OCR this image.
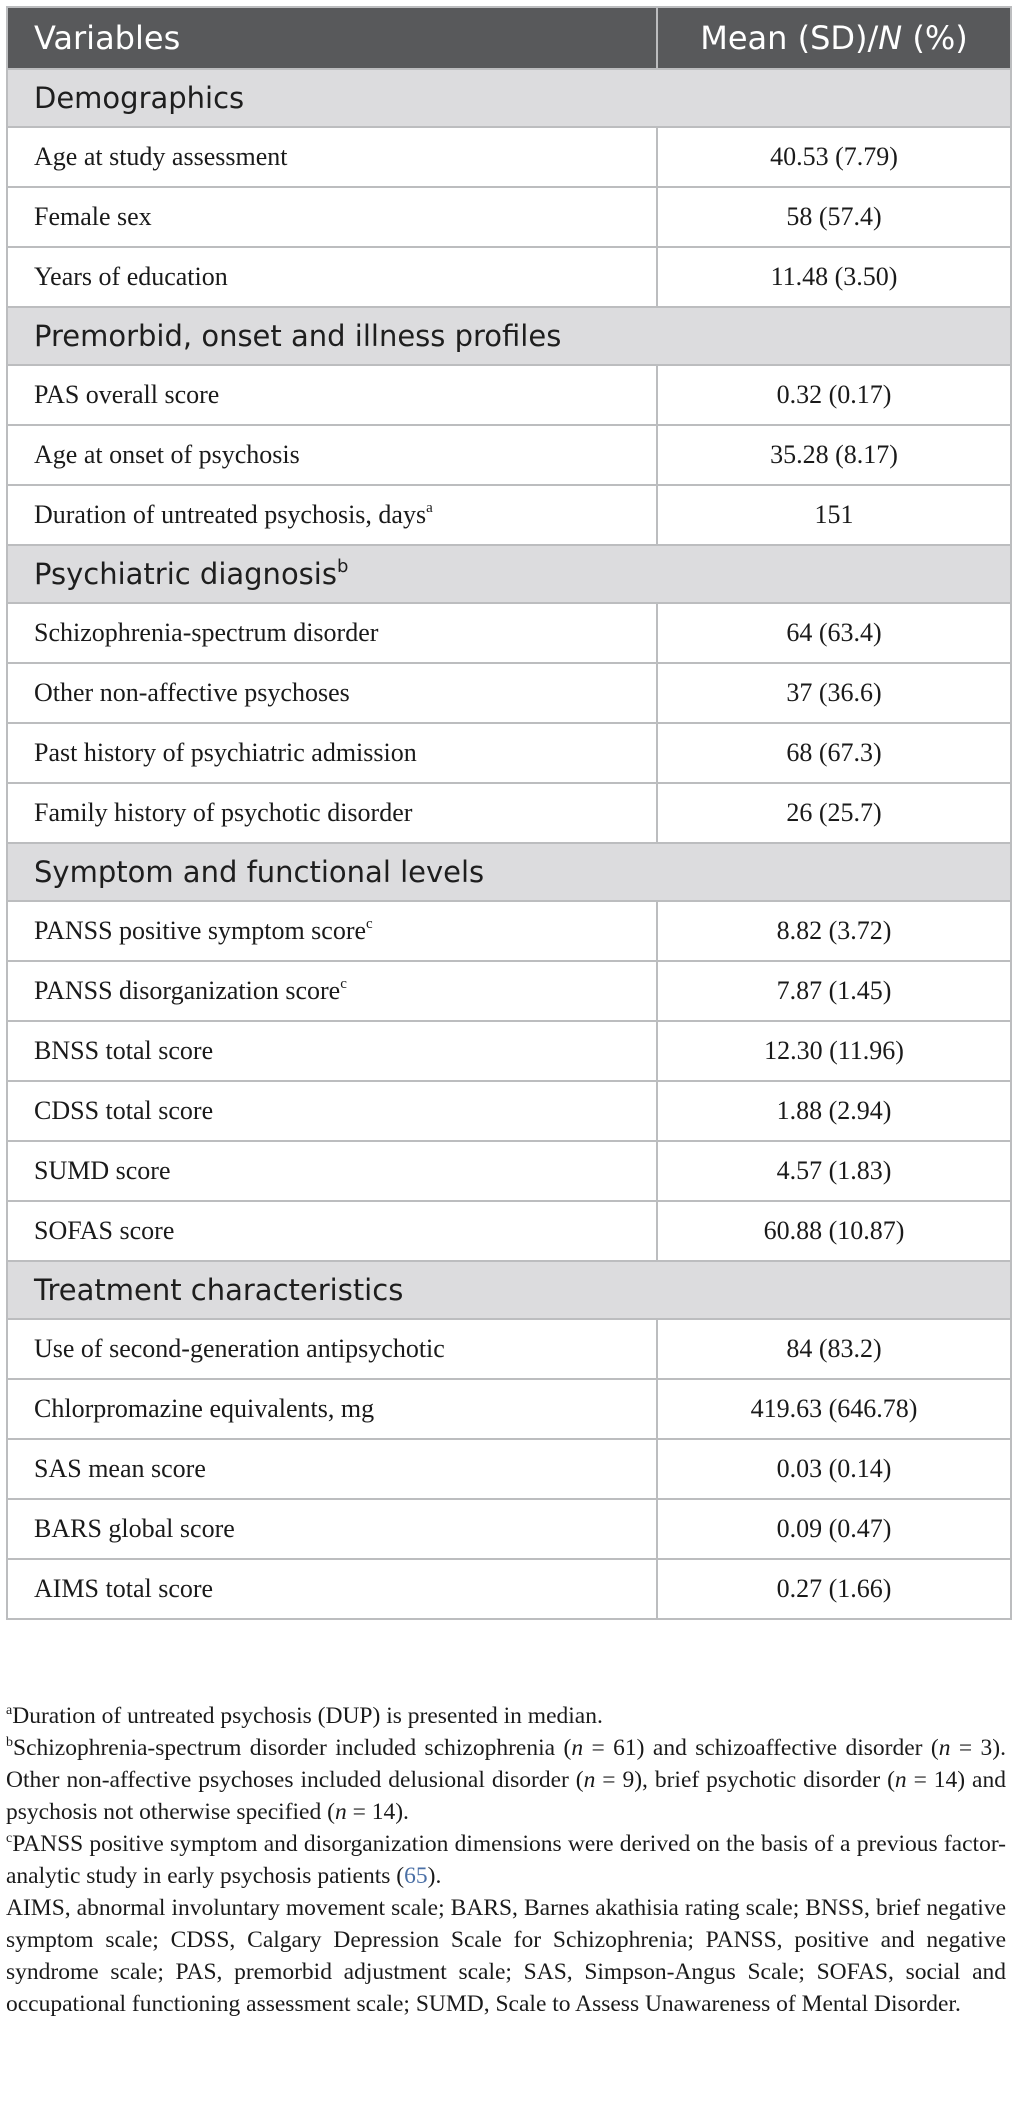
Variables	Mean (SD)/N (%)
Demographics	
Age at study assessment	40.53 (7.79)
Female sex	58 (57.4)
Years of education	11.48 (3.50)
Premorbid, onset and illness profiles	
PAS overall score	0.32 (0.17)
Age at onset of psychosis	35.28 (8.17)
Duration of untreated psychosis, days$^a$	151
Psychiatric diagnosis$^b$
Schizophrenia-spectrum disorder	64 (63.4)
Other non-affective psychoses	37 (36.6)
Past history of psychiatric admission	68 (67.3)
Family history of psychotic disorder	26 (25.7)
Symptom and functional levels	
PANSS positive symptom score$^c$	8.82 (3.72)
PANSS disorganization score$^c$	7.87 (1.45)
BNSS total score	12.30 (11.96)
CDSS total score	1.88 (2.94)
SUMD score	4.57 (1.83)
SOFAS score	60.88 (10.87)
Treatment characteristics	
Use of second-generation antipsychotic	84 (83.2)
Chlorpromazine equivalents, mg	419.63 (646.78)
SAS mean score	0.03 (0.14)
BARS global score	0.09 (0.47)
AIMS total score	0.27 (1.66)

$^a$Duration of untreated psychosis (DUP) is presented in median.

$^b$Schizophrenia-spectrum disorder included schizophrenia (n = 61) and schizoaffective disorder (n = 3). Other non-affective psychoses included delusional disorder (n = 9), brief psychotic disorder (n = 14) and psychosis not otherwise specified (n = 14).

$^c$PANSS positive symptom and disorganization dimensions were derived on the basis of a previous factor-analytic study in early psychosis patients (65).

AIMS, abnormal involuntary movement scale; BARS, Barnes akathisia rating scale; BNSS, brief negative symptom scale; CDSS, Calgary Depression Scale for Schizophrenia; PANSS, positive and negative syndrome scale; PAS, premorbid adjustment scale; SAS, Simpson-Angus Scale; SOFAS, social and occupational functioning assessment scale; SUMD, Scale to Assess Unawareness of Mental Disorder.
